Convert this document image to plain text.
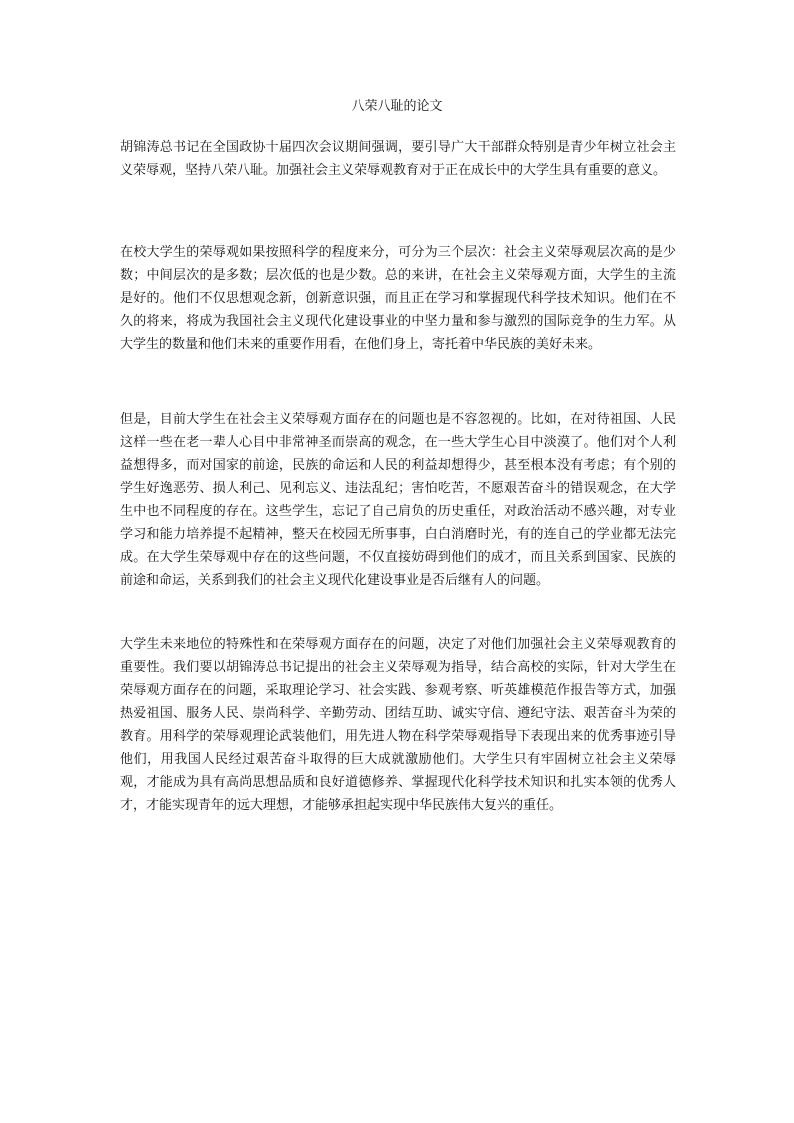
八荣八耻的论文
胡锦涛总书记在全国政协十届四次会议期间强调，要引导广大干部群众特别是青少年树立社会主义荣辱观，坚持八荣八耻。加强社会主义荣辱观教育对于正在成长中的大学生具有重要的意义。
在校大学生的荣辱观如果按照科学的程度来分，可分为三个层次：社会主义荣辱观层次高的是少数；中间层次的是多数；层次低的也是少数。总的来讲，在社会主义荣辱观方面，大学生的主流是好的。他们不仅思想观念新，创新意识强，而且正在学习和掌握现代科学技术知识。他们在不久的将来，将成为我国社会主义现代化建设事业的中坚力量和参与激烈的国际竞争的生力军。从大学生的数量和他们未来的重要作用看，在他们身上，寄托着中华民族的美好未来。
但是，目前大学生在社会主义荣辱观方面存在的问题也是不容忽视的。比如，在对待祖国、人民这样一些在老一辈人心目中非常神圣而崇高的观念，在一些大学生心目中淡漠了。他们对个人利益想得多，而对国家的前途，民族的命运和人民的利益却想得少，甚至根本没有考虑；有个别的学生好逸恶劳、损人利己、见利忘义、违法乱纪；害怕吃苦，不愿艰苦奋斗的错误观念，在大学生中也不同程度的存在。这些学生，忘记了自己肩负的历史重任，对政治活动不感兴趣，对专业学习和能力培养提不起精神，整天在校园无所事事，白白消磨时光，有的连自己的学业都无法完成。在大学生荣辱观中存在的这些问题，不仅直接妨碍到他们的成才，而且关系到国家、民族的前途和命运，关系到我们的社会主义现代化建设事业是否后继有人的问题。
大学生未来地位的特殊性和在荣辱观方面存在的问题，决定了对他们加强社会主义荣辱观教育的重要性。我们要以胡锦涛总书记提出的社会主义荣辱观为指导，结合高校的实际，针对大学生在荣辱观方面存在的问题，采取理论学习、社会实践、参观考察、听英雄模范作报告等方式，加强热爱祖国、服务人民、崇尚科学、辛勤劳动、团结互助、诚实守信、遵纪守法、艰苦奋斗为荣的教育。用科学的荣辱观理论武装他们，用先进人物在科学荣辱观指导下表现出来的优秀事迹引导他们，用我国人民经过艰苦奋斗取得的巨大成就激励他们。大学生只有牢固树立社会主义荣辱观，才能成为具有高尚思想品质和良好道德修养、掌握现代化科学技术知识和扎实本领的优秀人才，才能实现青年的远大理想，才能够承担起实现中华民族伟大复兴的重任。
